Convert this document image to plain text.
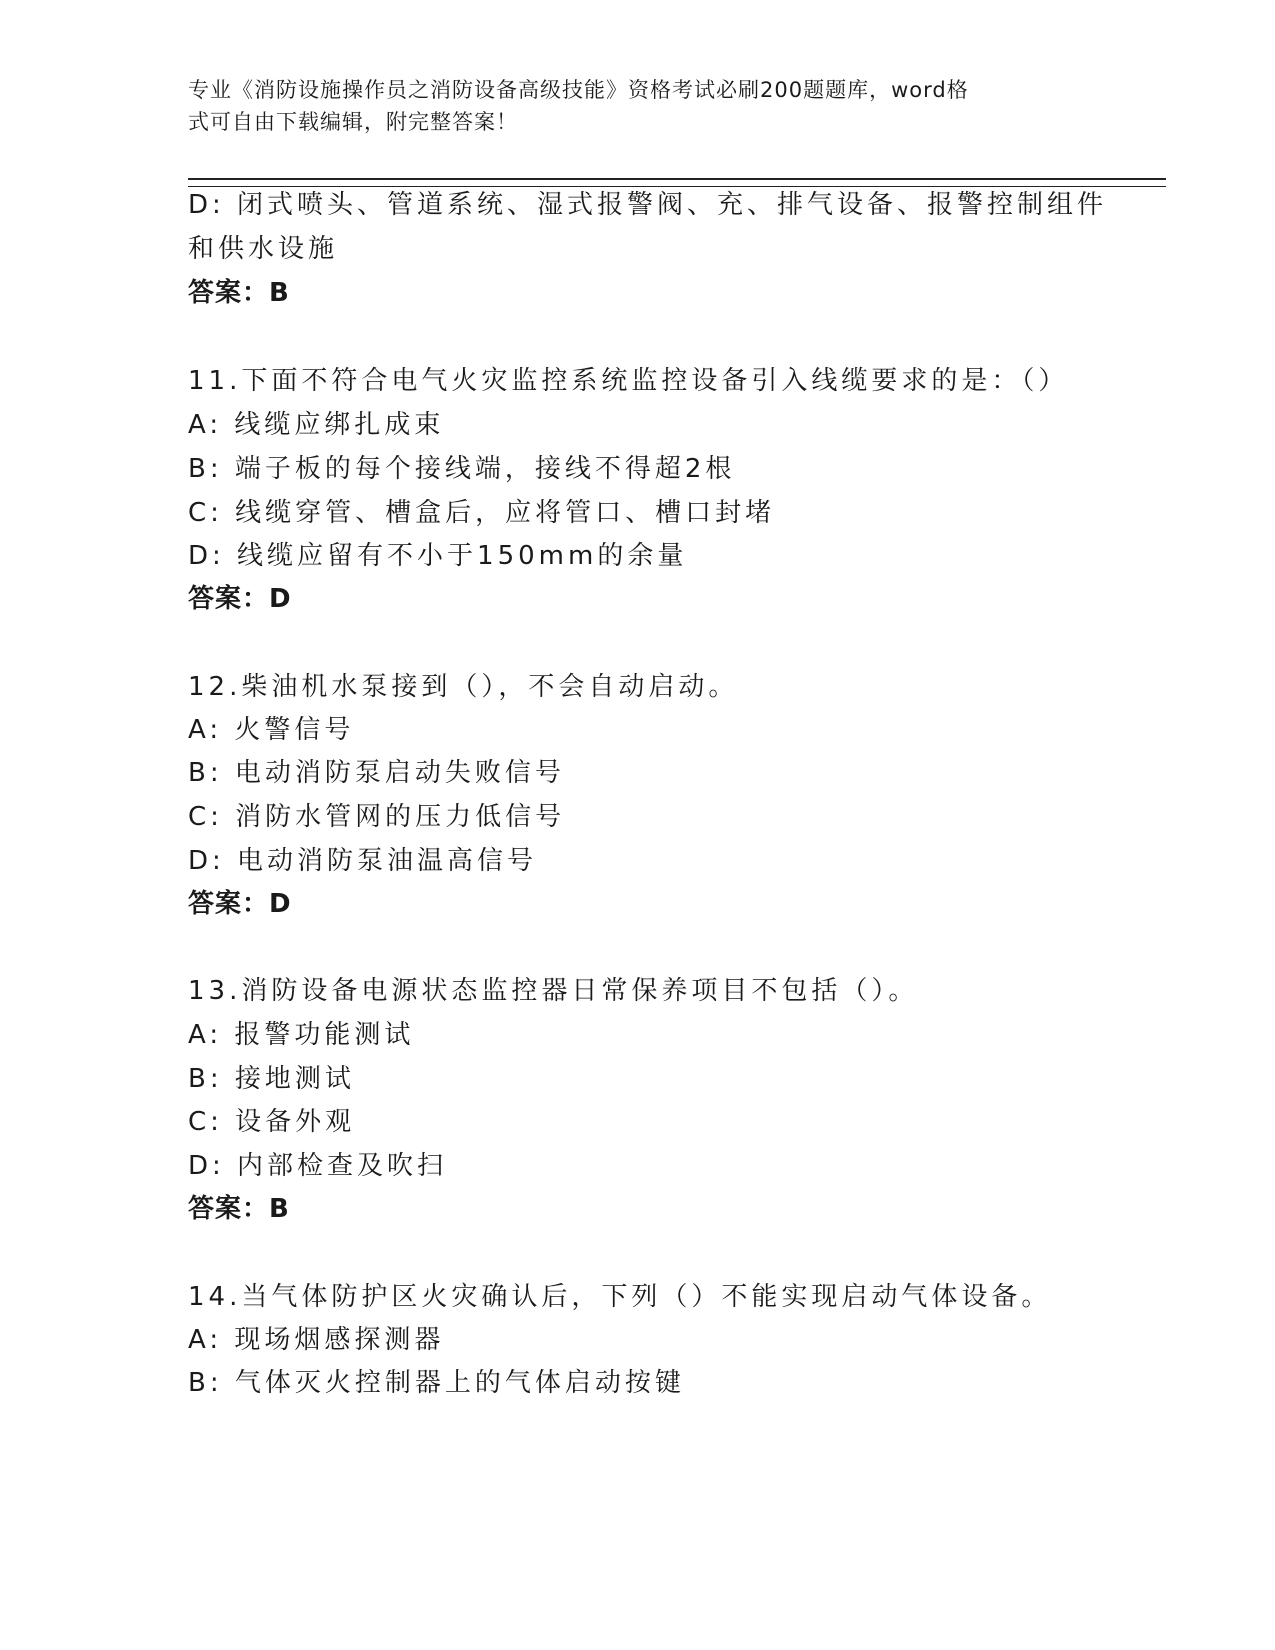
专业《消防设施操作员之消防设备高级技能》资格考试必刷200题题库，word格
式可自由下载编辑，附完整答案！
D: 闭式喷头、管道系统、湿式报警阀、充、排气设备、报警控制组件
和供水设施
答案：B
11.下面不符合电气火灾监控系统监控设备引入线缆要求的是：（）
A: 线缆应绑扎成束
B: 端子板的每个接线端，接线不得超2根
C: 线缆穿管、槽盒后，应将管口、槽口封堵
D: 线缆应留有不小于150mm的余量
答案：D
12.柴油机水泵接到（），不会自动启动。
A: 火警信号
B: 电动消防泵启动失败信号
C: 消防水管网的压力低信号
D: 电动消防泵油温高信号
答案：D
13.消防设备电源状态监控器日常保养项目不包括（）。
A: 报警功能测试
B: 接地测试
C: 设备外观
D: 内部检查及吹扫
答案：B
14.当气体防护区火灾确认后，下列（）不能实现启动气体设备。
A: 现场烟感探测器
B: 气体灭火控制器上的气体启动按键
